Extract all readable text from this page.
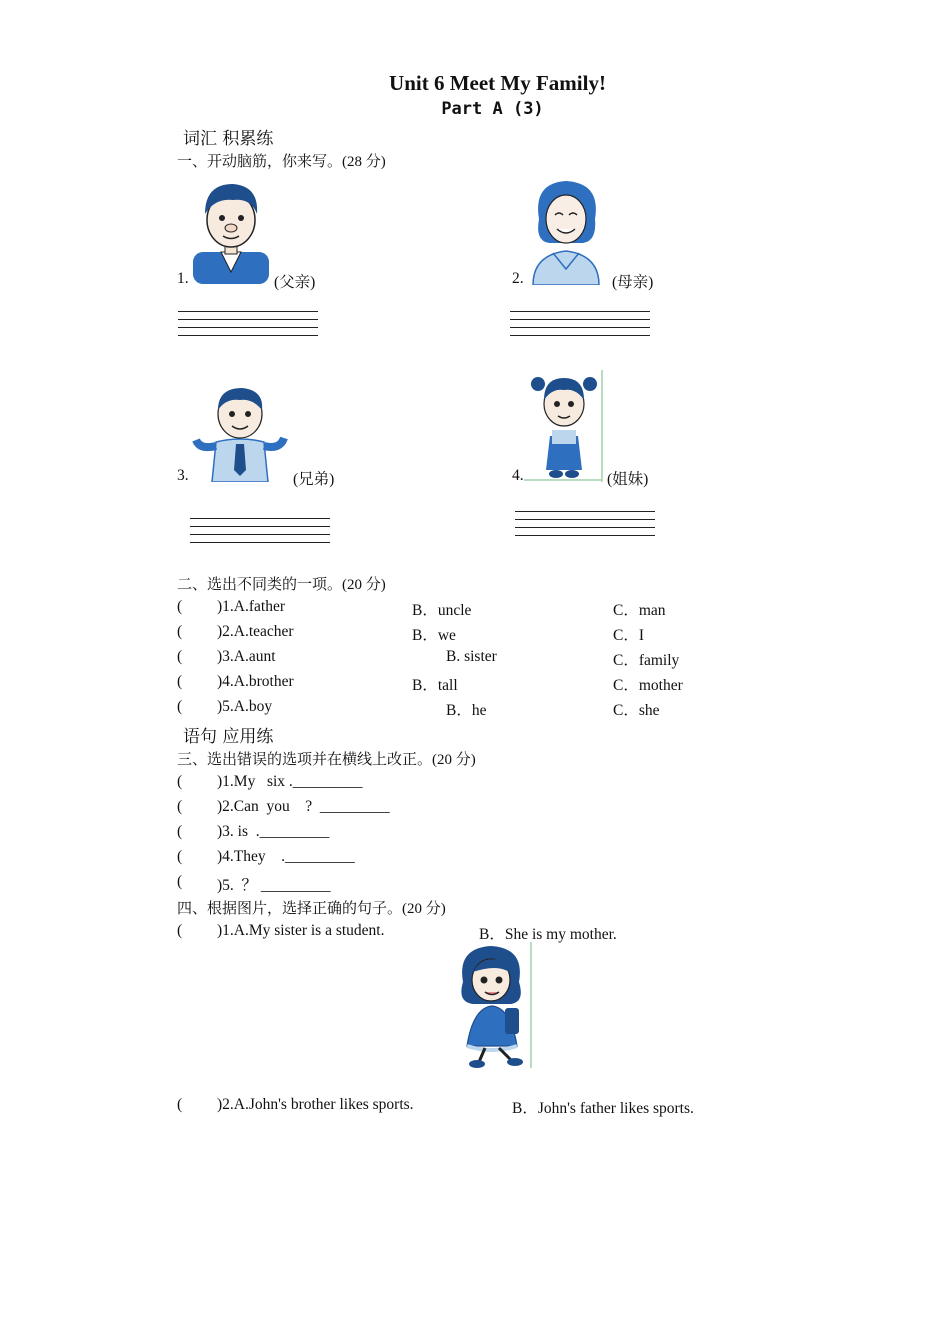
Unit 6 Meet My Family!
Part A (3)
词汇 积累练
一、开动脑筋，你来写。(28 分)
1.	(父亲)	2.	(母亲)
3.	(兄弟)	4.	(姐妹)
二、选出不同类的一项。(20 分)
( )1.A.father	B．uncle	C．man
( )2.A.teacher	B．we	C．I
( )3.A.aunt	B. sister	C．family
( )4.A.brother	B．tall	C．mother
( )5.A.boy	B．he	C．she
语句 应用练
三、选出错误的选项并在横线上改正。(20 分)
( )1.My   six ._________
( )2.Can  you    ?  _________
( )3. is  ._________
( )4.They    ._________
( )5.  ？ _________
四、根据图片，选择正确的句子。(20 分)
( )1.A.My sister is a student.	B．She is my mother.
( )2.A.John's brother likes sports.	B．John's father likes sports.
